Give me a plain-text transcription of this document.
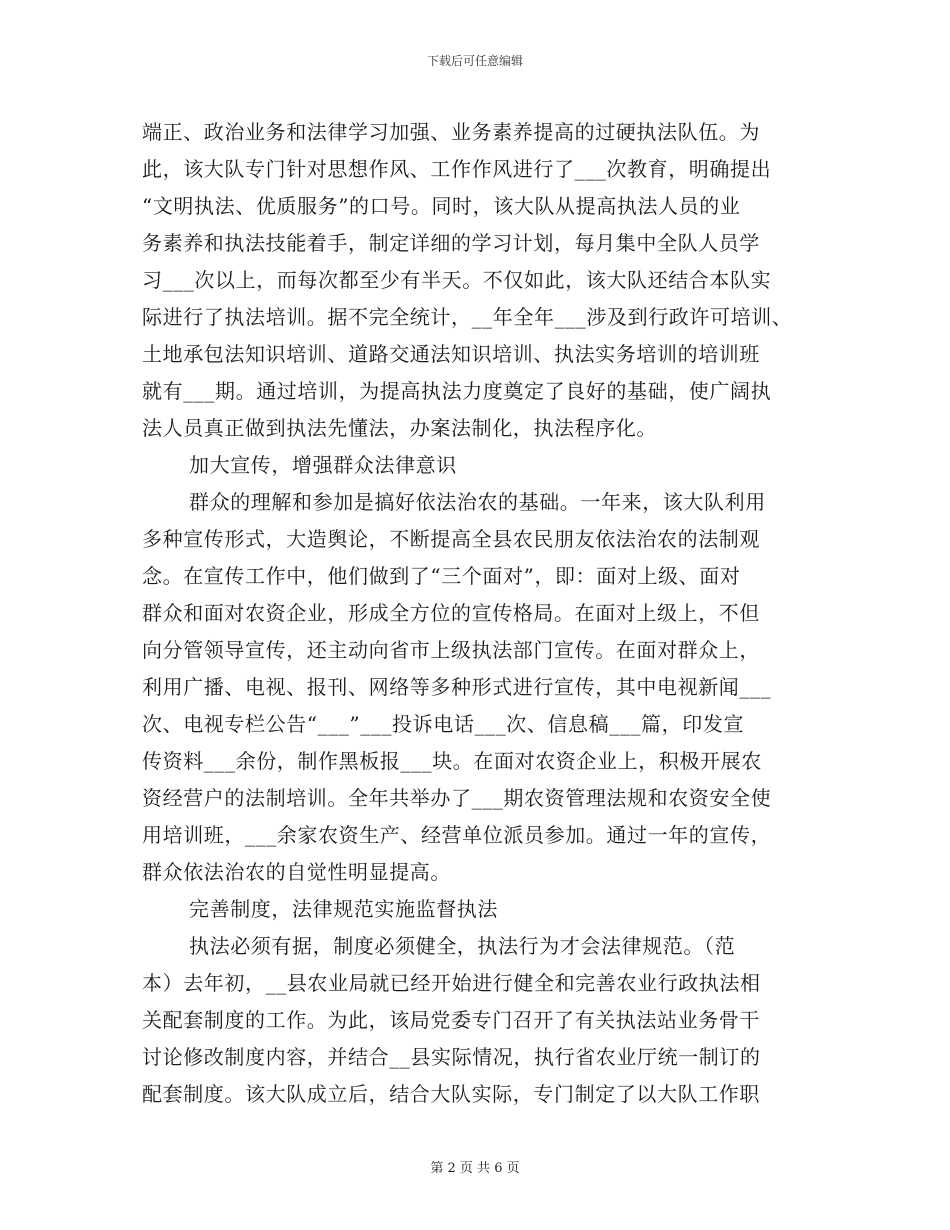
下载后可任意编辑
端正、政治业务和法律学习加强、业务素养提高的过硬执法队伍。为
此，该大队专门针对思想作风、工作作风进行了___次教育，明确提出
“文明执法、优质服务”的口号。同时，该大队从提高执法人员的业
务素养和执法技能着手，制定详细的学习计划，每月集中全队人员学
习___次以上，而每次都至少有半天。不仅如此，该大队还结合本队实
际进行了执法培训。据不完全统计，__年全年___涉及到行政许可培训、
土地承包法知识培训、道路交通法知识培训、执法实务培训的培训班
就有___期。通过培训，为提高执法力度奠定了良好的基础，使广阔执
法人员真正做到执法先懂法，办案法制化，执法程序化。
加大宣传，增强群众法律意识
群众的理解和参加是搞好依法治农的基础。一年来，该大队利用
多种宣传形式，大造舆论，不断提高全县农民朋友依法治农的法制观
念。在宣传工作中，他们做到了“三个面对”，即：面对上级、面对
群众和面对农资企业，形成全方位的宣传格局。在面对上级上，不但
向分管领导宣传，还主动向省市上级执法部门宣传。在面对群众上，
利用广播、电视、报刊、网络等多种形式进行宣传，其中电视新闻___
次、电视专栏公告“___”___投诉电话___次、信息稿___篇，印发宣
传资料___余份，制作黑板报___块。在面对农资企业上，积极开展农
资经营户的法制培训。全年共举办了___期农资管理法规和农资安全使
用培训班，___余家农资生产、经营单位派员参加。通过一年的宣传，
群众依法治农的自觉性明显提高。
完善制度，法律规范实施监督执法
执法必须有据，制度必须健全，执法行为才会法律规范。（范
本）去年初，__县农业局就已经开始进行健全和完善农业行政执法相
关配套制度的工作。为此，该局党委专门召开了有关执法站业务骨干
讨论修改制度内容，并结合__县实际情况，执行省农业厅统一制订的
配套制度。该大队成立后，结合大队实际，专门制定了以大队工作职
第 2 页 共 6 页
